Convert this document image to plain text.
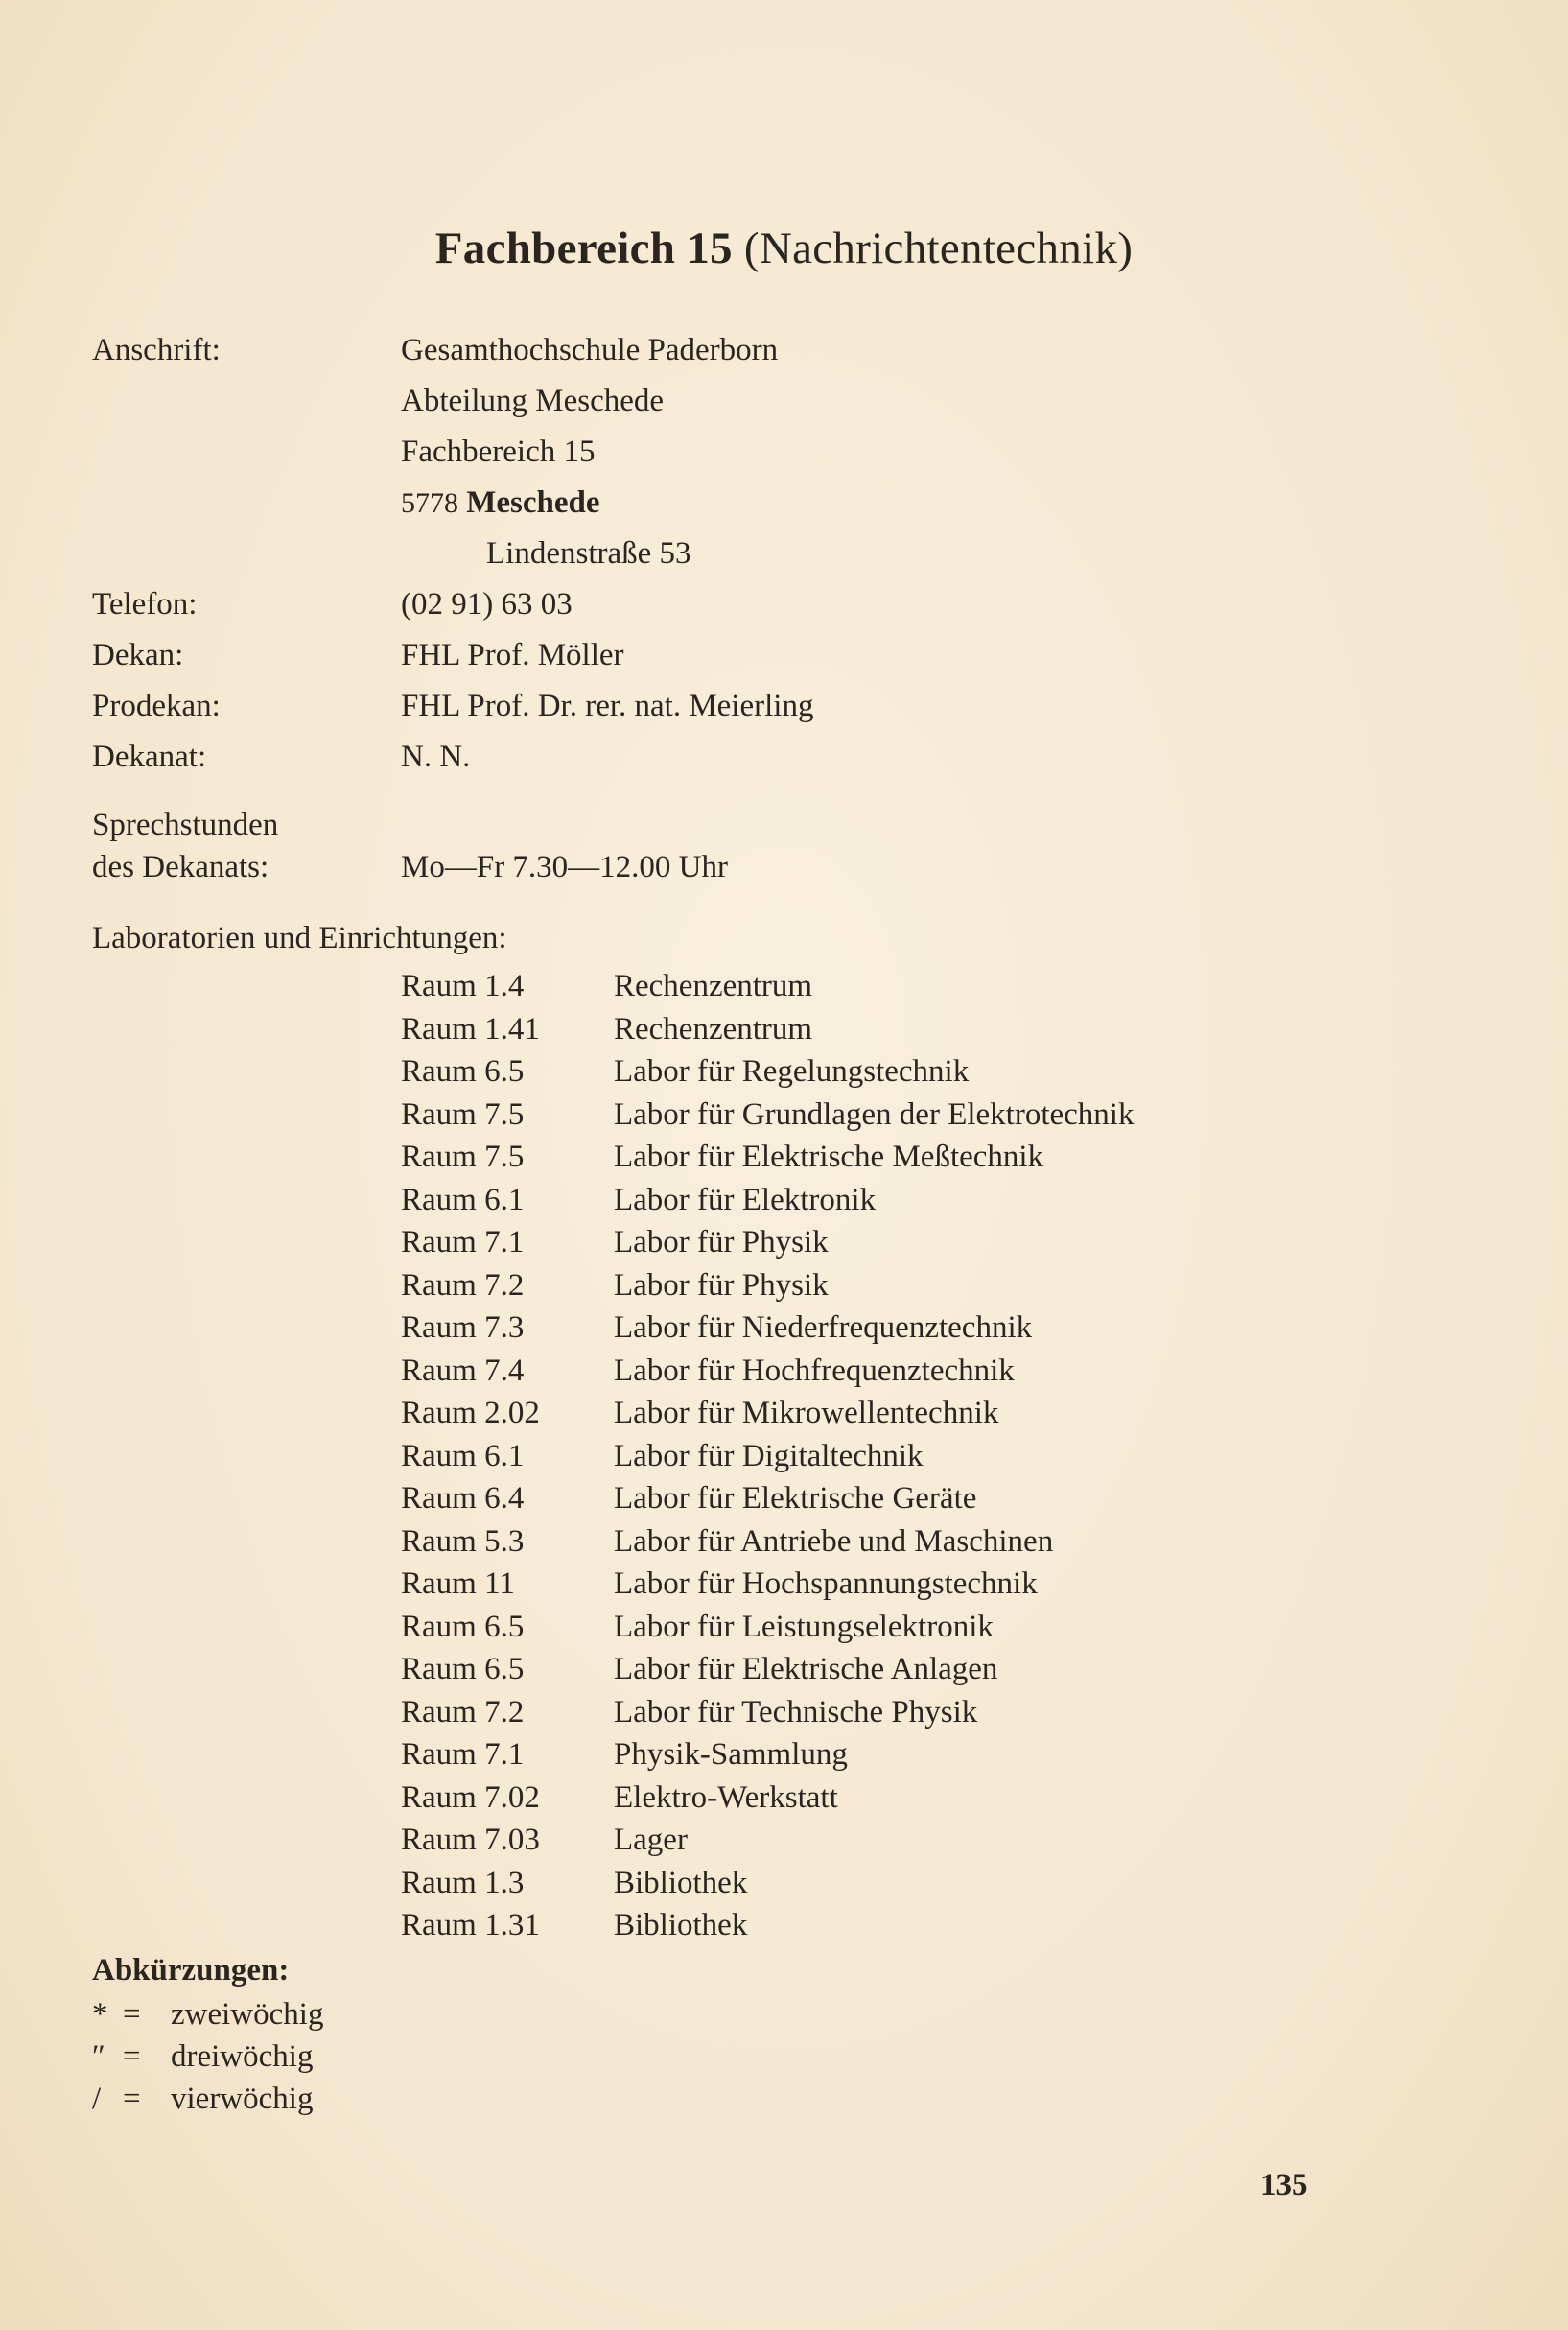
Fachbereich 15 (Nachrichtentechnik)
Anschrift:	Gesamthochschule Paderborn
Abteilung Meschede
Fachbereich 15
5778 Meschede
Lindenstraße 53
Telefon:	(02 91) 63 03
Dekan:	FHL Prof. Möller
Prodekan:	FHL Prof. Dr. rer. nat. Meierling
Dekanat:	N. N.
Sprechstunden
des Dekanats:	Mo—Fr 7.30—12.00 Uhr
Laboratorien und Einrichtungen:
Raum 1.4	Rechenzentrum
Raum 1.41 Rechenzentrum
Raum 6.5	Labor für Regelungstechnik
Raum 7.5	Labor für Grundlagen der Elektrotechnik
Raum 7.5	Labor für Elektrische Meßtechnik
Raum 6.1	Labor für Elektronik
Raum 7.1	Labor für Physik
Raum 7.2	Labor für Physik
Raum 7.3	Labor für Niederfrequenztechnik
Raum 7.4	Labor für Hochfrequenztechnik
Raum 2.02 Labor für Mikrowellentechnik
Raum 6.1	Labor für Digitaltechnik
Raum 6.4	Labor für Elektrische Geräte
Raum 5.3	Labor für Antriebe und Maschinen
Raum 11	Labor für Hochspannungstechnik
Raum 6.5	Labor für Leistungselektronik
Raum 6.5	Labor für Elektrische Anlagen
Raum 7.2	Labor für Technische Physik
Raum 7.1	Physik-Sammlung
Raum 7.02 Elektro-Werkstatt
Raum 7.03 Lager
Raum 1.3	Bibliothek
Raum 1.31 Bibliothek
Abkürzungen:
* = zweiwöchig
″ = dreiwöchig
/ = vierwöchig
135
